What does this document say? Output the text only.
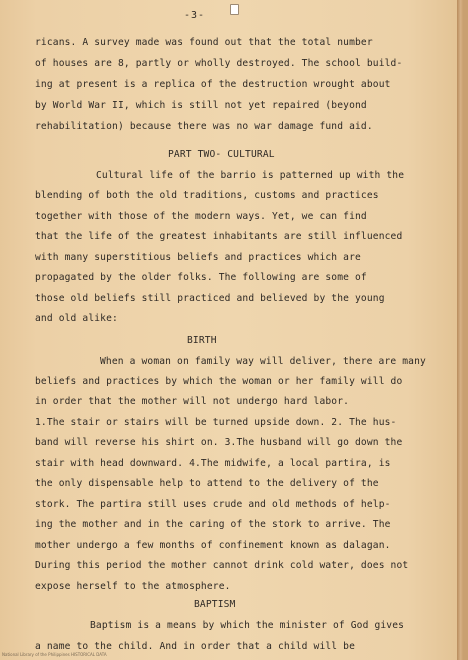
-3-
ricans. A survey made was found out that the total number
of houses are 8, partly or wholly destroyed. The school build-
ing at present is a replica of the destruction wrought about
by World War II, which is still not yet repaired (beyond
rehabilitation) because there was no war damage fund aid.
PART TWO- CULTURAL
Cultural life of the barrio is patterned up with the
blending of both the old traditions, customs and practices
together with those of the modern ways. Yet, we can find
that the life of the greatest inhabitants are still influenced
with many superstitious beliefs and practices which are
propagated by the older folks. The following are some of
those old beliefs still practiced and believed by the young
and old alike:
BIRTH
When a woman on family way will deliver, there are many
beliefs and practices by which the woman or her family will do
in order that the mother will not undergo hard labor.
1.The stair or stairs will be turned upside down. 2. The hus-
band will reverse his shirt on. 3.The husband will go down the
stair with head downward. 4.The midwife, a local partira, is
the only dispensable help to attend to the delivery of the
stork. The partira still uses crude and old methods of help-
ing the mother and in the caring of the stork to arrive. The
mother undergo a few months of confinement known as dalagan.
During this period the mother cannot drink cold water, does not
expose herself to the atmosphere.
BAPTISM
Baptism is a means by which the minister of God gives
a name to the child. And in order that a child will be
National Library of the Philippines HISTORICAL DATA
